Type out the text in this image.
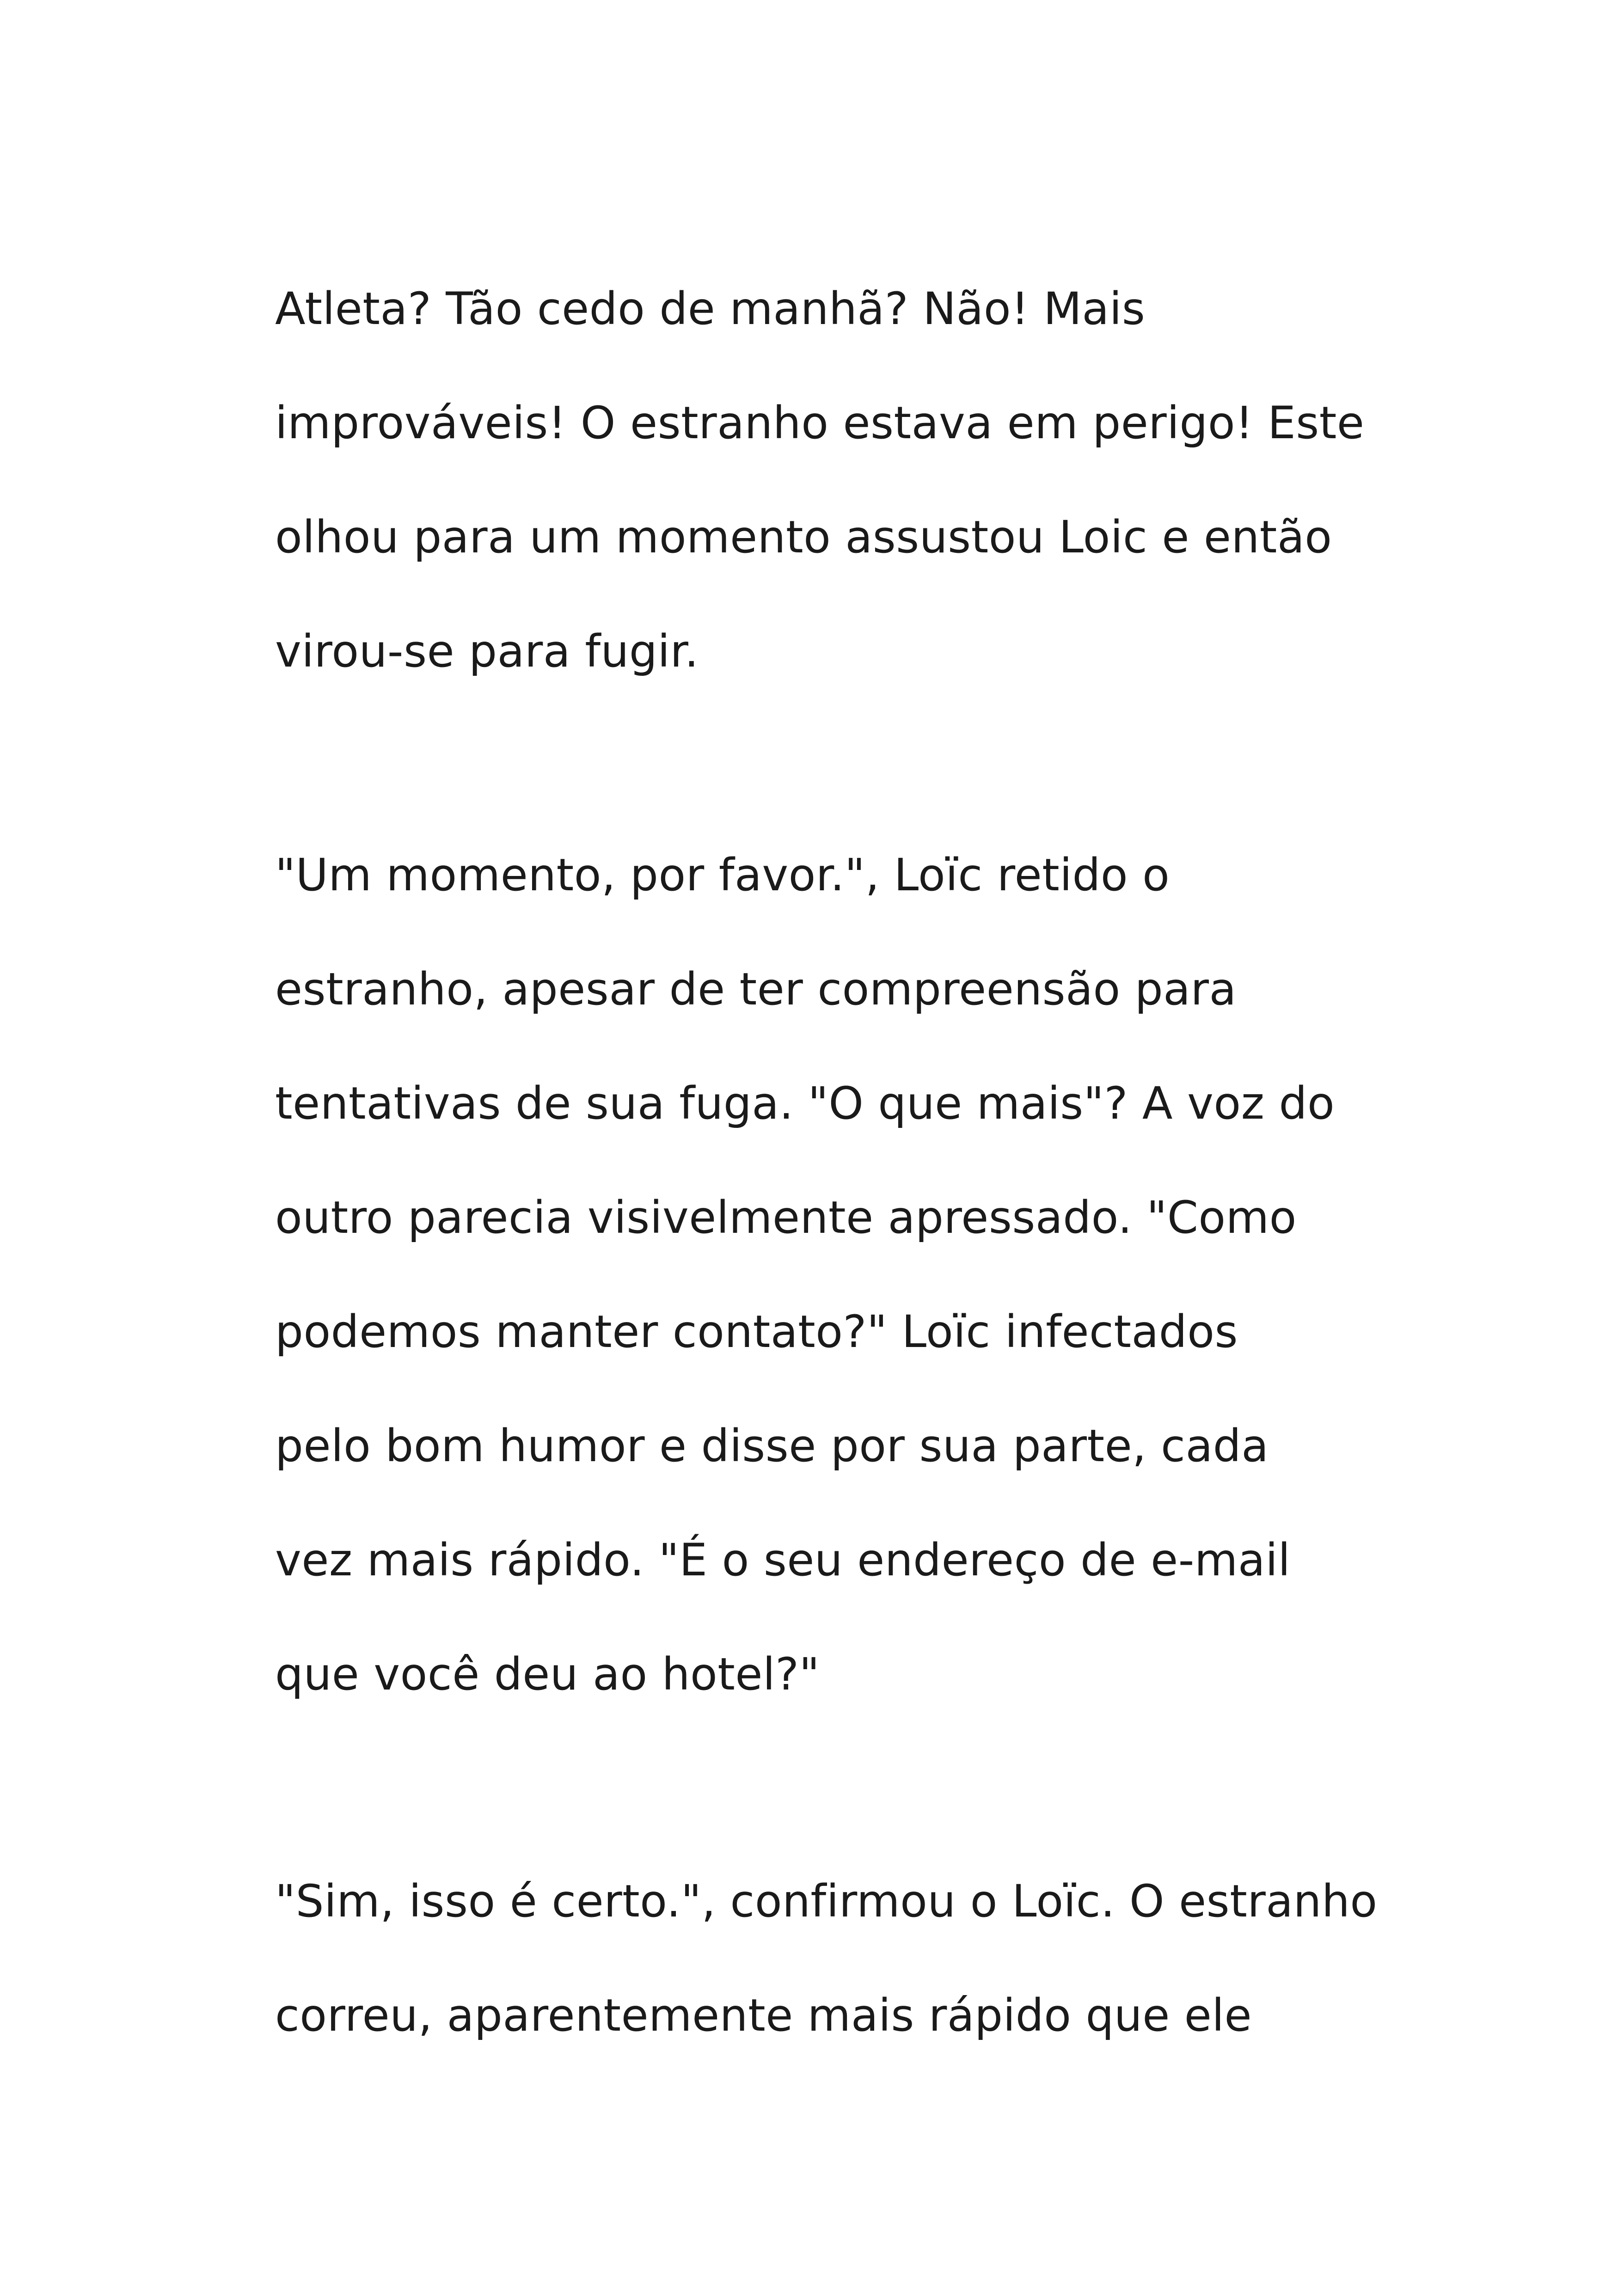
Atleta? Tão cedo de manhã? Não! Mais
improváveis! O estranho estava em perigo! Este
olhou para um momento assustou Loic e então
virou-se para fugir.

"Um momento, por favor.", Loïc retido o
estranho, apesar de ter compreensão para
tentativas de sua fuga. "O que mais"? A voz do
outro parecia visivelmente apressado. "Como
podemos manter contato?" Loïc infectados
pelo bom humor e disse por sua parte, cada
vez mais rápido. "É o seu endereço de e-mail
que você deu ao hotel?"

"Sim, isso é certo.", confirmou o Loïc. O estranho
correu, aparentemente mais rápido que ele
